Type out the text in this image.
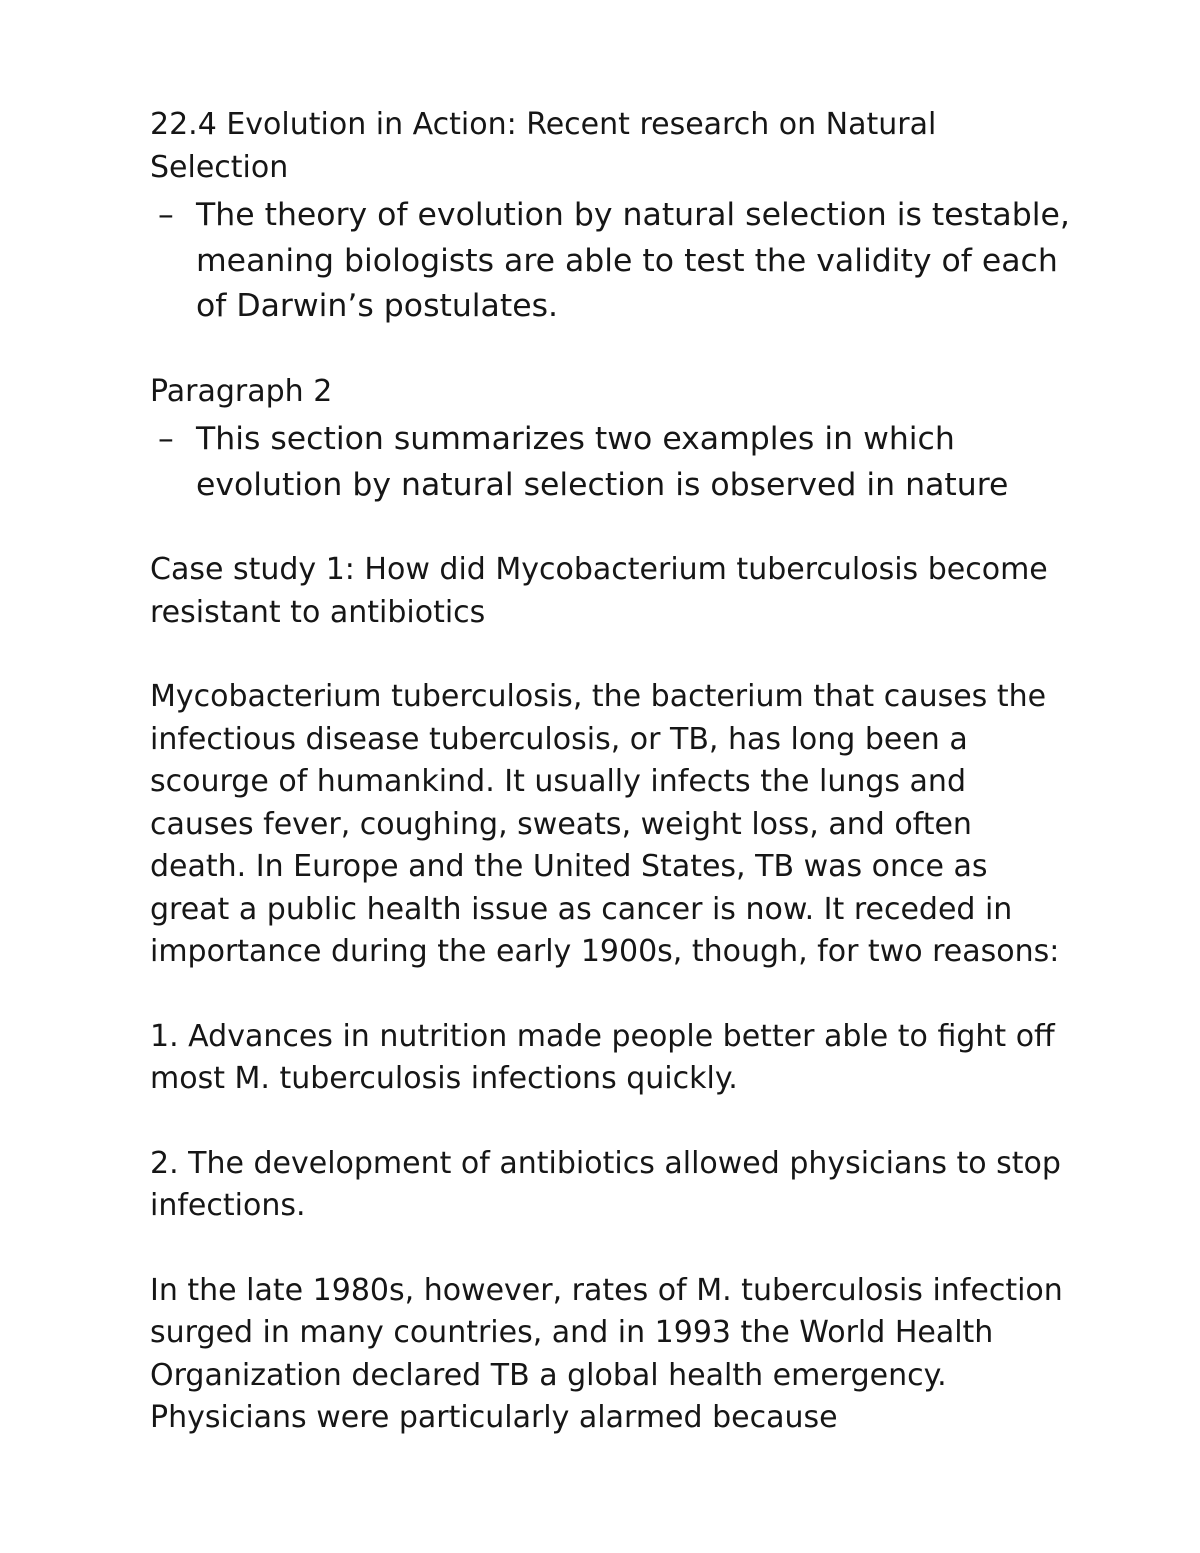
22.4 Evolution in Action: Recent research on Natural Selection

– The theory of evolution by natural selection is testable, meaning biologists are able to test the validity of each of Darwin’s postulates.

Paragraph 2

– This section summarizes two examples in which evolution by natural selection is observed in nature

Case study 1: How did Mycobacterium tuberculosis become resistant to antibiotics

Mycobacterium tuberculosis, the bacterium that causes the infectious disease tuberculosis, or TB, has long been a scourge of humankind. It usually infects the lungs and causes fever, coughing, sweats, weight loss, and often death. In Europe and the United States, TB was once as great a public health issue as cancer is now. It receded in importance during the early 1900s, though, for two reasons:

1. Advances in nutrition made people better able to fight off most M. tuberculosis infections quickly.

2. The development of antibiotics allowed physicians to stop infections.

In the late 1980s, however, rates of M. tuberculosis infection surged in many countries, and in 1993 the World Health Organization declared TB a global health emergency. Physicians were particularly alarmed because
